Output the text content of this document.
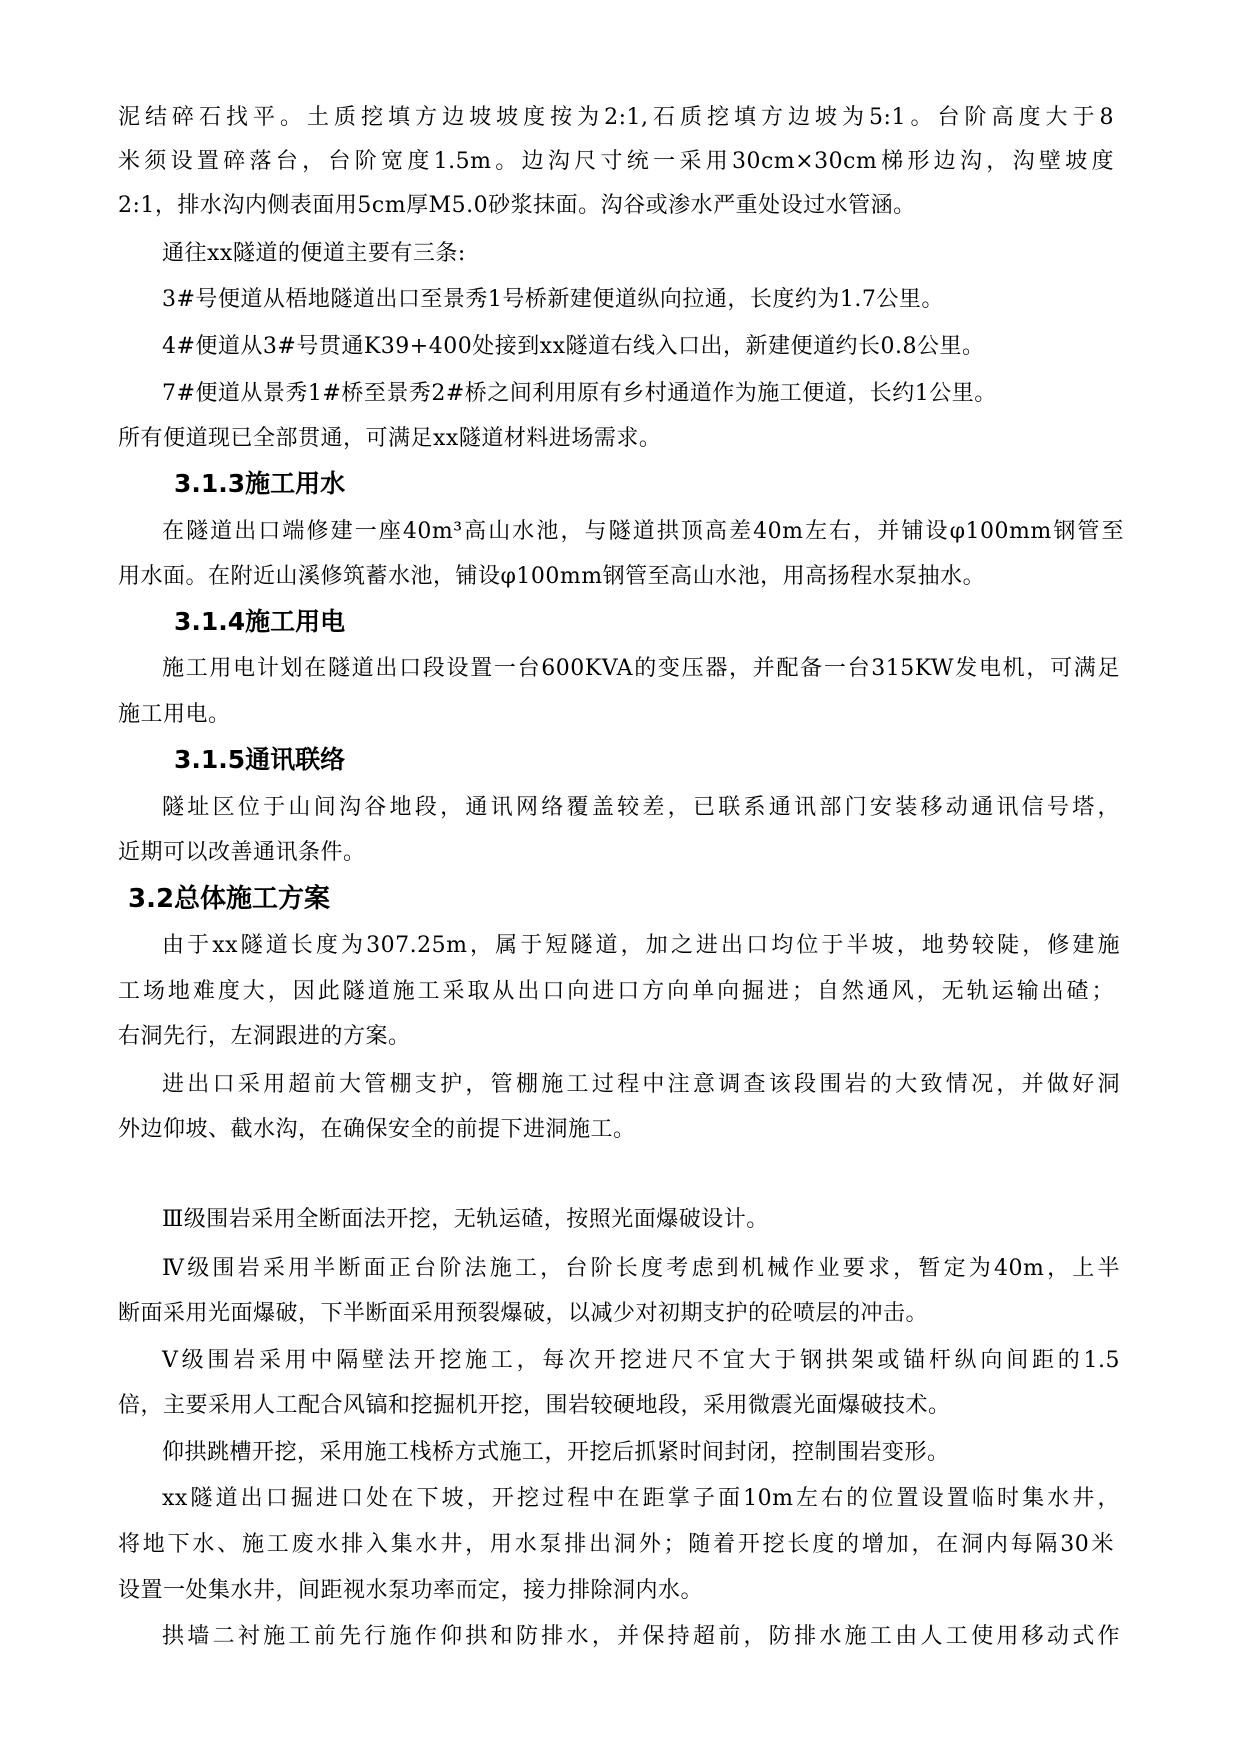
泥结碎石找平。土质挖填方边坡坡度按为2:1,石质挖填方边坡为5:1。台阶高度大于8
米须设置碎落台，台阶宽度1.5m。边沟尺寸统一采用30cm×30cm梯形边沟，沟壁坡度
2:1，排水沟内侧表面用5cm厚M5.0砂浆抹面。沟谷或渗水严重处设过水管涵。
通往xx隧道的便道主要有三条:
3#号便道从梧地隧道出口至景秀1号桥新建便道纵向拉通，长度约为1.7公里。
4#便道从3#号贯通K39+400处接到xx隧道右线入口出，新建便道约长0.8公里。
7#便道从景秀1#桥至景秀2#桥之间利用原有乡村通道作为施工便道，长约1公里。
所有便道现已全部贯通，可满足xx隧道材料进场需求。
3.1.3施工用水
在隧道出口端修建一座40m³高山水池，与隧道拱顶高差40m左右，并铺设φ100mm钢管至
用水面。在附近山溪修筑蓄水池，铺设φ100mm钢管至高山水池，用高扬程水泵抽水。
3.1.4施工用电
施工用电计划在隧道出口段设置一台600KVA的变压器，并配备一台315KW发电机，可满足
施工用电。
3.1.5通讯联络
隧址区位于山间沟谷地段，通讯网络覆盖较差，已联系通讯部门安装移动通讯信号塔，
近期可以改善通讯条件。
3.2总体施工方案
由于xx隧道长度为307.25m，属于短隧道，加之进出口均位于半坡，地势较陡，修建施
工场地难度大，因此隧道施工采取从出口向进口方向单向掘进；自然通风，无轨运输出碴；
右洞先行，左洞跟进的方案。
进出口采用超前大管棚支护，管棚施工过程中注意调查该段围岩的大致情况，并做好洞
外边仰坡、截水沟，在确保安全的前提下进洞施工。
Ⅲ级围岩采用全断面法开挖，无轨运碴，按照光面爆破设计。
Ⅳ级围岩采用半断面正台阶法施工，台阶长度考虑到机械作业要求，暂定为40m，上半
断面采用光面爆破，下半断面采用预裂爆破，以减少对初期支护的砼喷层的冲击。
Ⅴ级围岩采用中隔壁法开挖施工，每次开挖进尺不宜大于钢拱架或锚杆纵向间距的1.5
倍，主要采用人工配合风镐和挖掘机开挖，围岩较硬地段，采用微震光面爆破技术。
仰拱跳槽开挖，采用施工栈桥方式施工，开挖后抓紧时间封闭，控制围岩变形。
xx隧道出口掘进口处在下坡，开挖过程中在距掌子面10m左右的位置设置临时集水井，
将地下水、施工废水排入集水井，用水泵排出洞外；随着开挖长度的增加，在洞内每隔30米
设置一处集水井，间距视水泵功率而定，接力排除洞内水。
拱墙二衬施工前先行施作仰拱和防排水，并保持超前，防排水施工由人工使用移动式作
